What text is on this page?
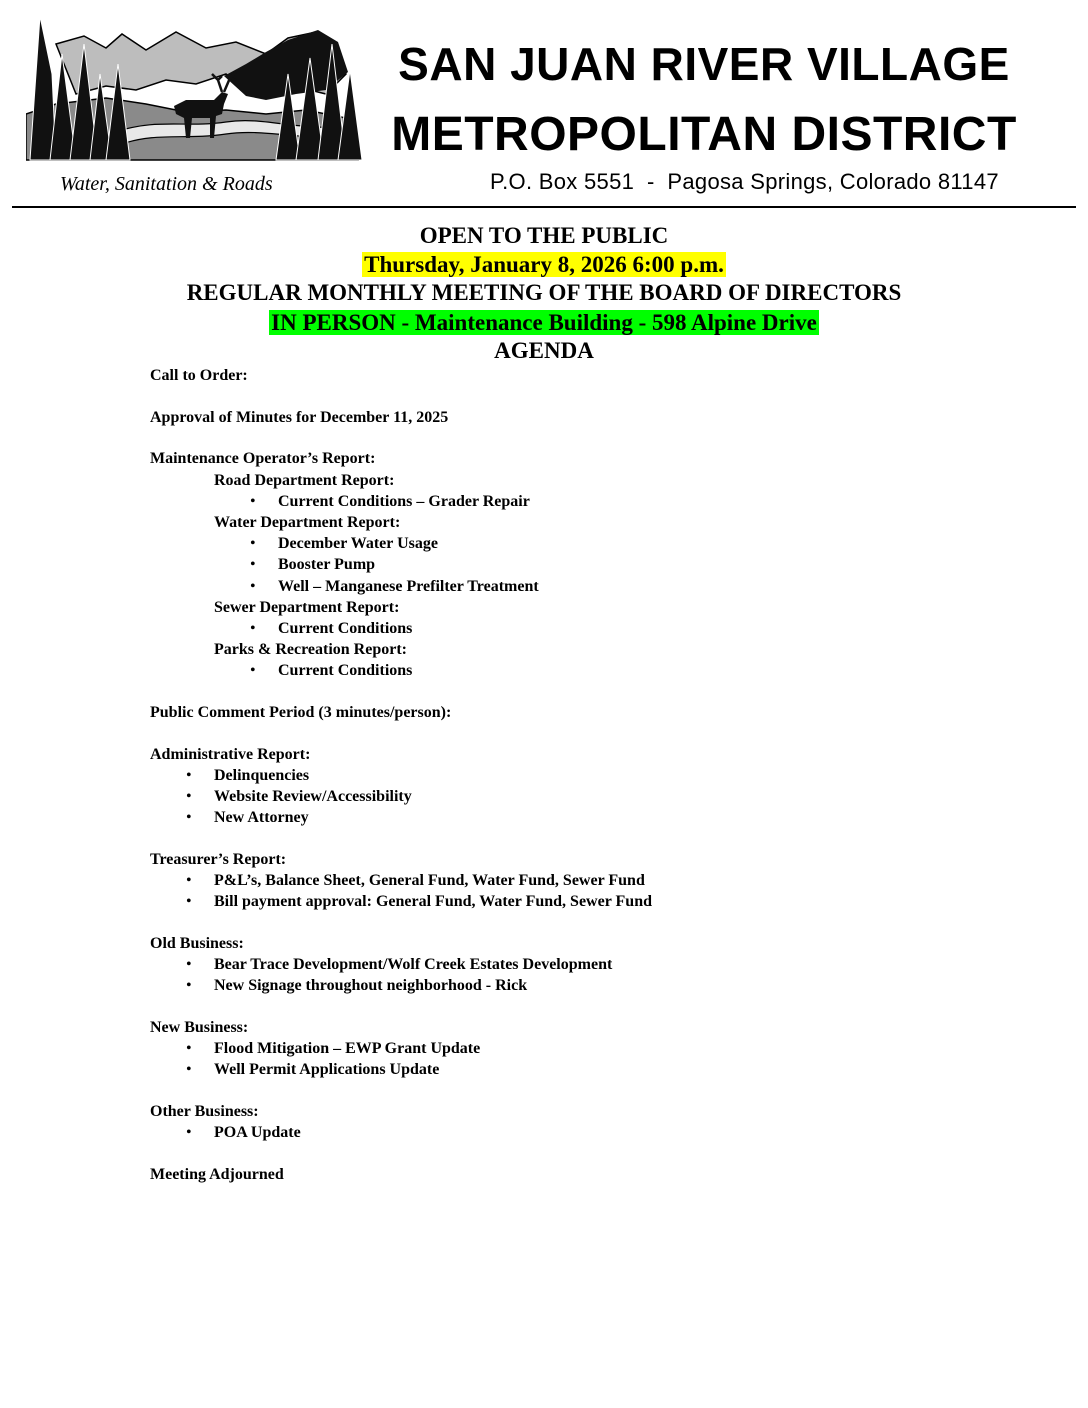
SAN JUAN RIVER VILLAGE
METROPOLITAN DISTRICT
Water, Sanitation & Roads	P.O. Box 5551  -  Pagosa Springs, Colorado 81147
OPEN TO THE PUBLIC
Thursday, January 8, 2026 6:00 p.m.
REGULAR MONTHLY MEETING OF THE BOARD OF DIRECTORS
IN PERSON - Maintenance Building - 598 Alpine Drive
AGENDA
Call to Order:
Approval of Minutes for December 11, 2025
Maintenance Operator’s Report:
Road Department Report:
• Current Conditions – Grader Repair
Water Department Report:
• December Water Usage
• Booster Pump
• Well – Manganese Prefilter Treatment
Sewer Department Report:
• Current Conditions
Parks & Recreation Report:
• Current Conditions
Public Comment Period (3 minutes/person):
Administrative Report:
• Delinquencies
• Website Review/Accessibility
• New Attorney
Treasurer’s Report:
• P&L’s, Balance Sheet, General Fund, Water Fund, Sewer Fund
• Bill payment approval: General Fund, Water Fund, Sewer Fund
Old Business:
• Bear Trace Development/Wolf Creek Estates Development
• New Signage throughout neighborhood - Rick
New Business:
• Flood Mitigation – EWP Grant Update
• Well Permit Applications Update
Other Business:
• POA Update
Meeting Adjourned
